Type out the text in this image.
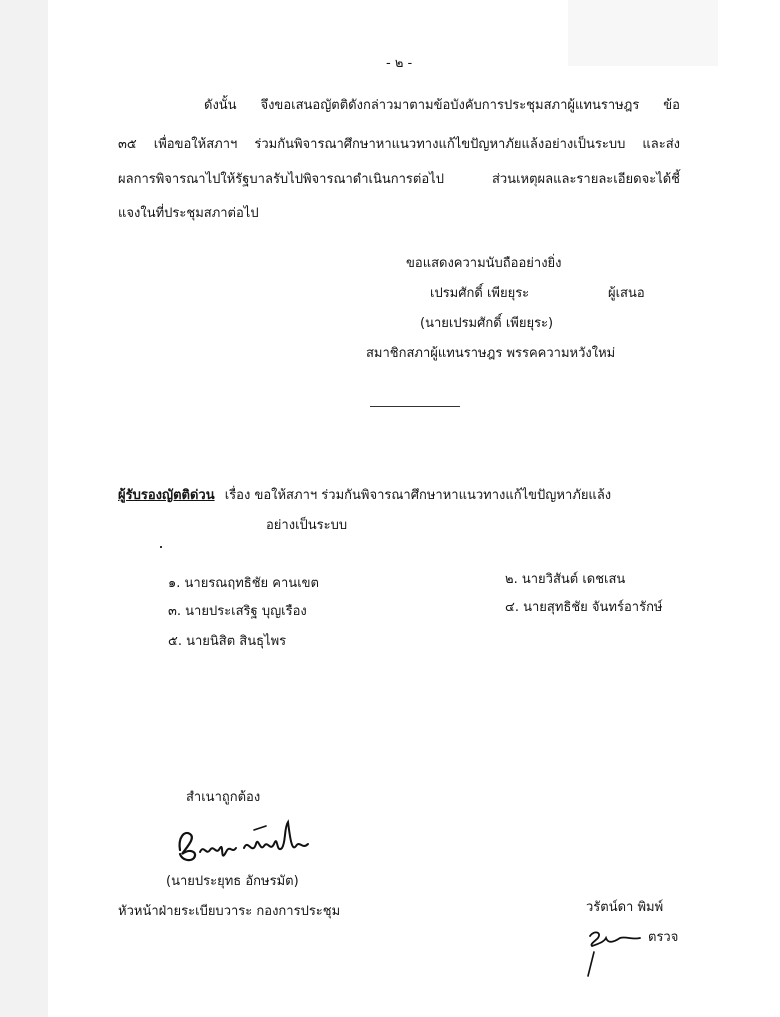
- ๒ -
ดังนั้น จึงขอเสนอญัตติดังกล่าวมาตามข้อบังคับการประชุมสภาผู้แทนราษฎร ข้อ
๓๕ เพื่อขอให้สภาฯ ร่วมกันพิจารณาศึกษาหาแนวทางแก้ไขปัญหาภัยแล้งอย่างเป็นระบบ และส่ง
ผลการพิจารณาไปให้รัฐบาลรับไปพิจารณาดำเนินการต่อไป ส่วนเหตุผลและรายละเอียดจะได้ชี้
แจงในที่ประชุมสภาต่อไป
ขอแสดงความนับถืออย่างยิ่ง
เปรมศักดิ์ เพียยุระ	ผู้เสนอ
(นายเปรมศักดิ์ เพียยุระ)
สมาชิกสภาผู้แทนราษฎร พรรคความหวังใหม่
ผู้รับรองญัตติด่วน เรื่อง ขอให้สภาฯ ร่วมกันพิจารณาศึกษาหาแนวทางแก้ไขปัญหาภัยแล้ง
อย่างเป็นระบบ
๑. นายรณฤทธิชัย คานเขต	๒. นายวิสันต์ เดชเสน
๓. นายประเสริฐ บุญเรือง	๔. นายสุทธิชัย จันทร์อารักษ์
๕. นายนิสิต สินธุไพร
สำเนาถูกต้อง
(นายประยุทธ อักษรมัต)
หัวหน้าฝ่ายระเบียบวาระ กองการประชุม	วรัตน์ดา พิมพ์
ตรวจ
